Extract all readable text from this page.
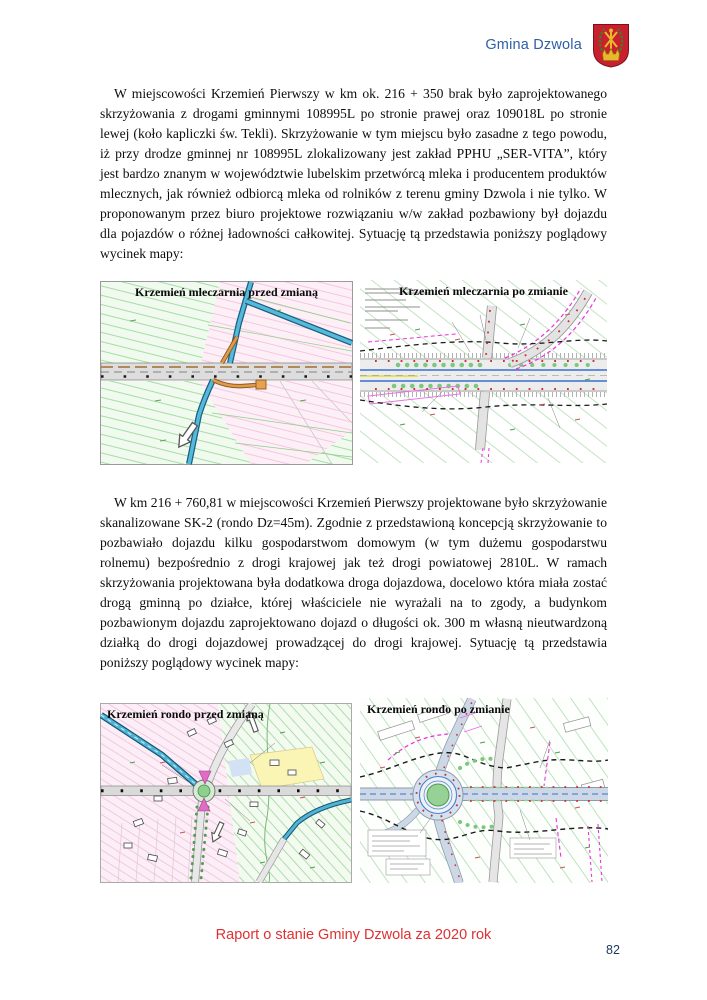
Gmina Dzwola

W miejscowości Krzemień Pierwszy w km ok. 216 + 350 brak było zaprojektowanego skrzyżowania z drogami gminnymi 108995L po stronie prawej oraz 109018L po stronie lewej (koło kapliczki św. Tekli). Skrzyżowanie w tym miejscu było zasadne z tego powodu, iż przy drodze gminnej nr 108995L zlokalizowany jest zakład PPHU „SER-VITA”, który jest bardzo znanym w województwie lubelskim przetwórcą mleka i producentem produktów mlecznych, jak również odbiorcą mleka od rolników z terenu gminy Dzwola i nie tylko. W proponowanym przez biuro projektowe rozwiązaniu w/w zakład pozbawiony był dojazdu dla pojazdów o różnej ładowności całkowitej. Sytuację tą przedstawia poniższy poglądowy wycinek mapy:

Krzemień mleczarnia przed zmianą	Krzemień mleczarnia po zmianie

W km 216 + 760,81 w miejscowości Krzemień Pierwszy projektowane było skrzyżowanie skanalizowane SK-2 (rondo Dz=45m). Zgodnie z przedstawioną koncepcją skrzyżowanie to pozbawiało dojazdu kilku gospodarstwom domowym (w tym dużemu gospodarstwu rolnemu) bezpośrednio z drogi krajowej jak też drogi powiatowej 2810L. W ramach skrzyżowania projektowana była dodatkowa droga dojazdowa, docelowo która miała zostać drogą gminną po działce, której właściciele nie wyrażali na to zgody, a budynkom pozbawionym dojazdu zaprojektowano dojazd o długości ok. 300 m własną nieutwardzoną działką do drogi dojazdowej prowadzącej do drogi krajowej. Sytuację tą przedstawia poniższy poglądowy wycinek mapy:

Krzemień rondo przed zmianą	Krzemień rondo po zmianie
Raport o stanie Gminy Dzwola za 2020 rok
82
